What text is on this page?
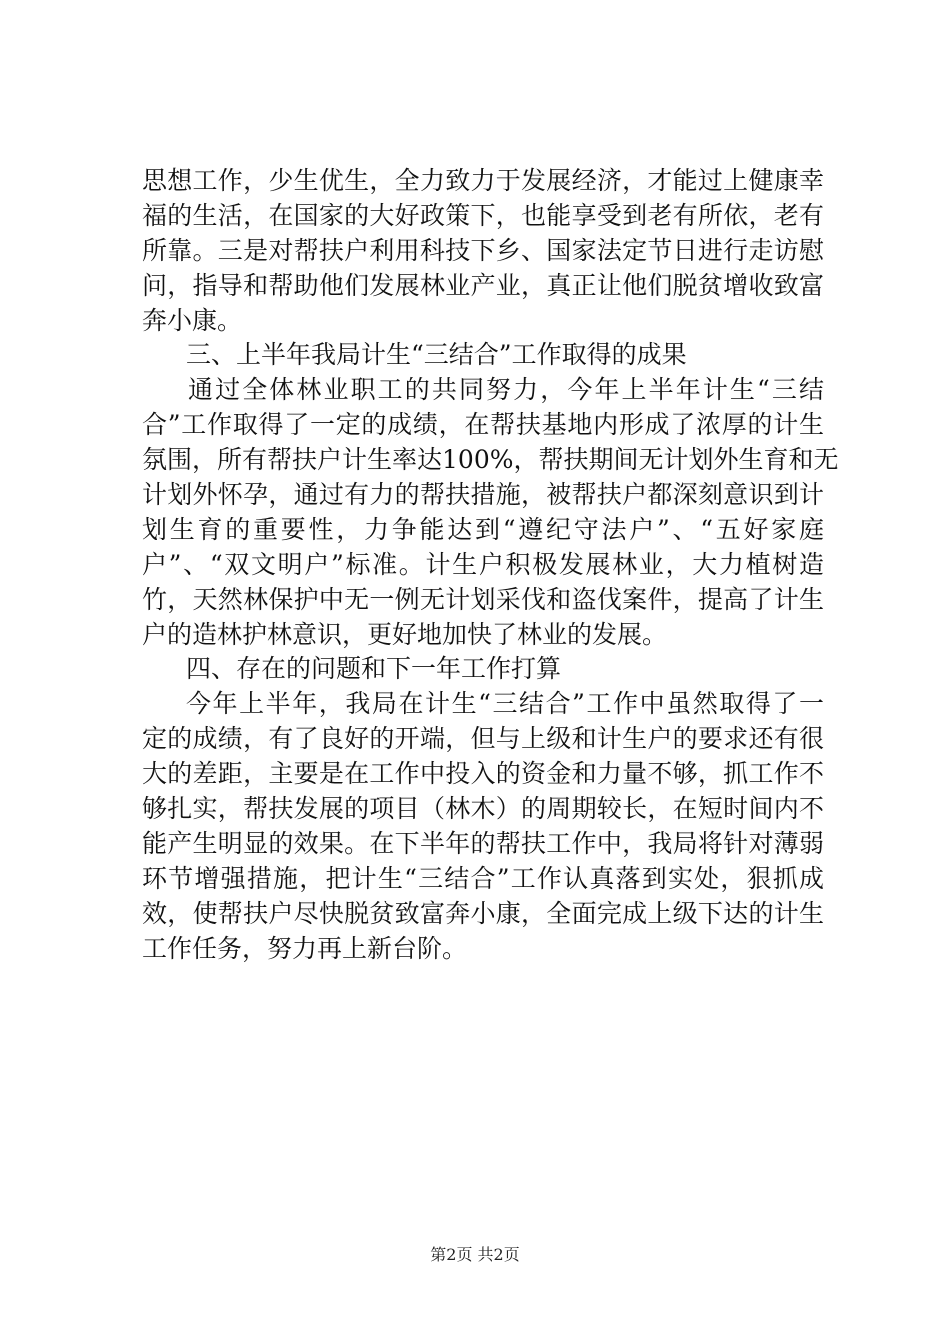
思想工作，少生优生，全力致力于发展经济，才能过上健康幸
福的生活，在国家的大好政策下，也能享受到老有所依，老有
所靠。三是对帮扶户利用科技下乡、国家法定节日进行走访慰
问，指导和帮助他们发展林业产业，真正让他们脱贫增收致富
奔小康。
三、上半年我局计生“三结合”工作取得的成果
通过全体林业职工的共同努力，今年上半年计生“三结
合”工作取得了一定的成绩，在帮扶基地内形成了浓厚的计生
氛围，所有帮扶户计生率达100%，帮扶期间无计划外生育和无
计划外怀孕，通过有力的帮扶措施，被帮扶户都深刻意识到计
划生育的重要性，力争能达到“遵纪守法户”、“五好家庭
户”、“双文明户”标准。计生户积极发展林业，大力植树造
竹，天然林保护中无一例无计划采伐和盗伐案件，提高了计生
户的造林护林意识，更好地加快了林业的发展。
四、存在的问题和下一年工作打算
今年上半年，我局在计生“三结合”工作中虽然取得了一
定的成绩，有了良好的开端，但与上级和计生户的要求还有很
大的差距，主要是在工作中投入的资金和力量不够，抓工作不
够扎实，帮扶发展的项目（林木）的周期较长，在短时间内不
能产生明显的效果。在下半年的帮扶工作中，我局将针对薄弱
环节增强措施，把计生“三结合”工作认真落到实处，狠抓成
效，使帮扶户尽快脱贫致富奔小康，全面完成上级下达的计生
工作任务，努力再上新台阶。
第2页 共2页
